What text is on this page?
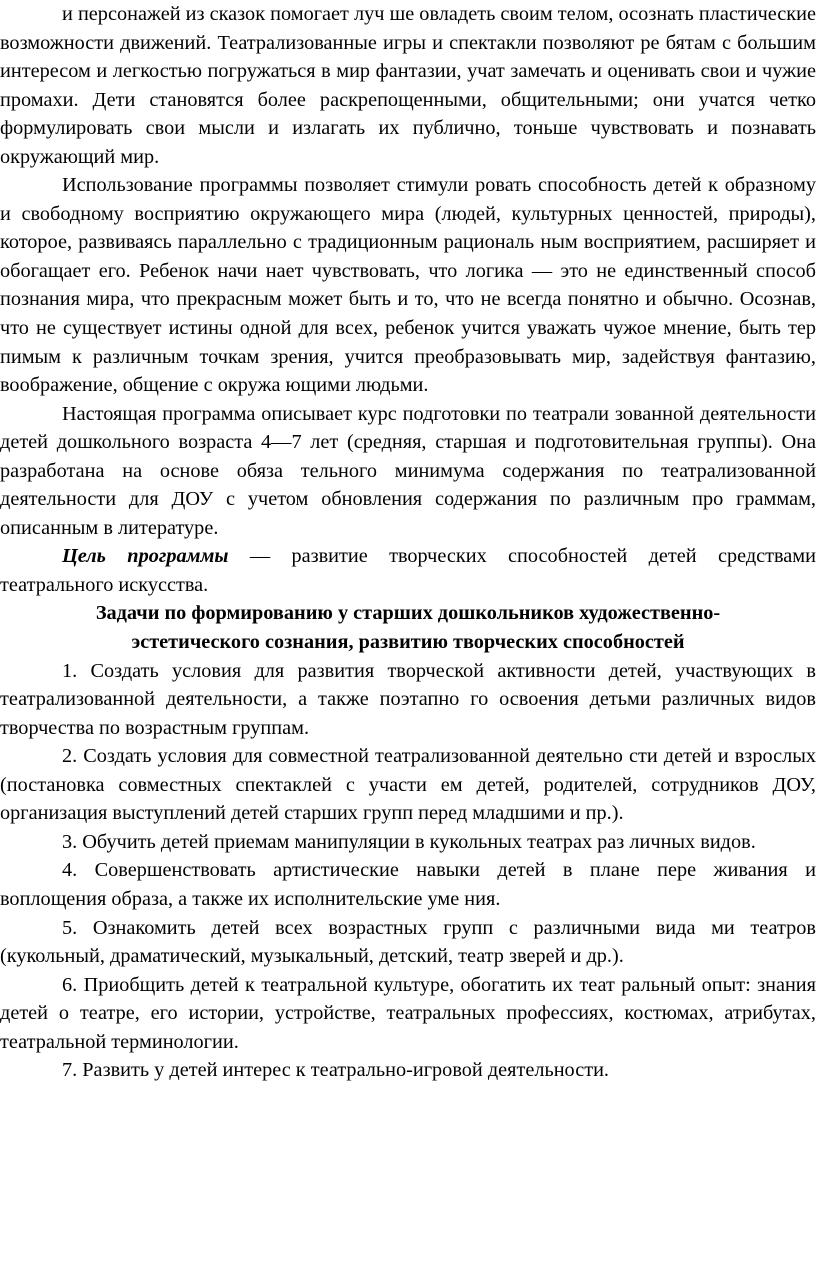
и персонажей из сказок помогает луч ше овладеть своим телом, осознать пластические возможности движений. Театрализованные игры и спектакли позволяют ре бятам с большим интересом и легкостью погружаться в мир фантазии, учат замечать и оценивать свои и чужие промахи. Дети становятся более раскрепощенными, общительными; они учатся четко формулировать свои мысли и излагать их публично, тоньше чувствовать и познавать окружающий мир.

Использование программы позволяет стимули ровать способность детей к образному и свободному восприятию окружающего мира (людей, культурных ценностей, природы), которое, развиваясь параллельно с традиционным рациональ ным восприятием, расширяет и обогащает его. Ребенок начи нает чувствовать, что логика — это не единственный способ познания мира, что прекрасным может быть и то, что не всегда понятно и обычно. Осознав, что не существует истины одной для всех, ребенок учится уважать чужое мнение, быть тер пимым к различным точкам зрения, учится преобразовывать мир, задействуя фантазию, воображение, общение с окружа ющими людьми.

Настоящая программа описывает курс подготовки по театрали зованной деятельности детей дошкольного возраста 4—7 лет (средняя, старшая и подготовительная группы). Она разработана на основе обяза тельного минимума содержания по театрализованной деятельности для ДОУ с учетом обновления содержания по различным про граммам, описанным в литературе.

Цель программы — развитие творческих способностей детей средствами театрального искусства.

Задачи по формированию у старших дошкольников художественно-
эстетического сознания, развитию творческих способностей

1. Создать условия для развития творческой активности детей, участвующих в театрализованной деятельности, а также поэтапно го освоения детьми различных видов творчества по возрастным группам.

2. Создать условия для совместной театрализованной деятельно сти детей и взрослых (постановка совместных спектаклей с участи ем детей, родителей, сотрудников ДОУ, организация выступлений детей старших групп перед младшими и пр.).

3. Обучить детей приемам манипуляции в кукольных театрах раз личных видов.

4. Совершенствовать артистические навыки детей в плане пере живания и воплощения образа, а также их исполнительские уме ния.

5. Ознакомить детей всех возрастных групп с различными вида ми театров (кукольный, драматический, музыкальный, детский, театр зверей и др.).

6. Приобщить детей к театральной культуре, обогатить их теат ральный опыт: знания детей о театре, его истории, устройстве, театральных профессиях, костюмах, атрибутах, театральной терминологии.

7. Развить у детей интерес к театрально-игровой деятельности.
